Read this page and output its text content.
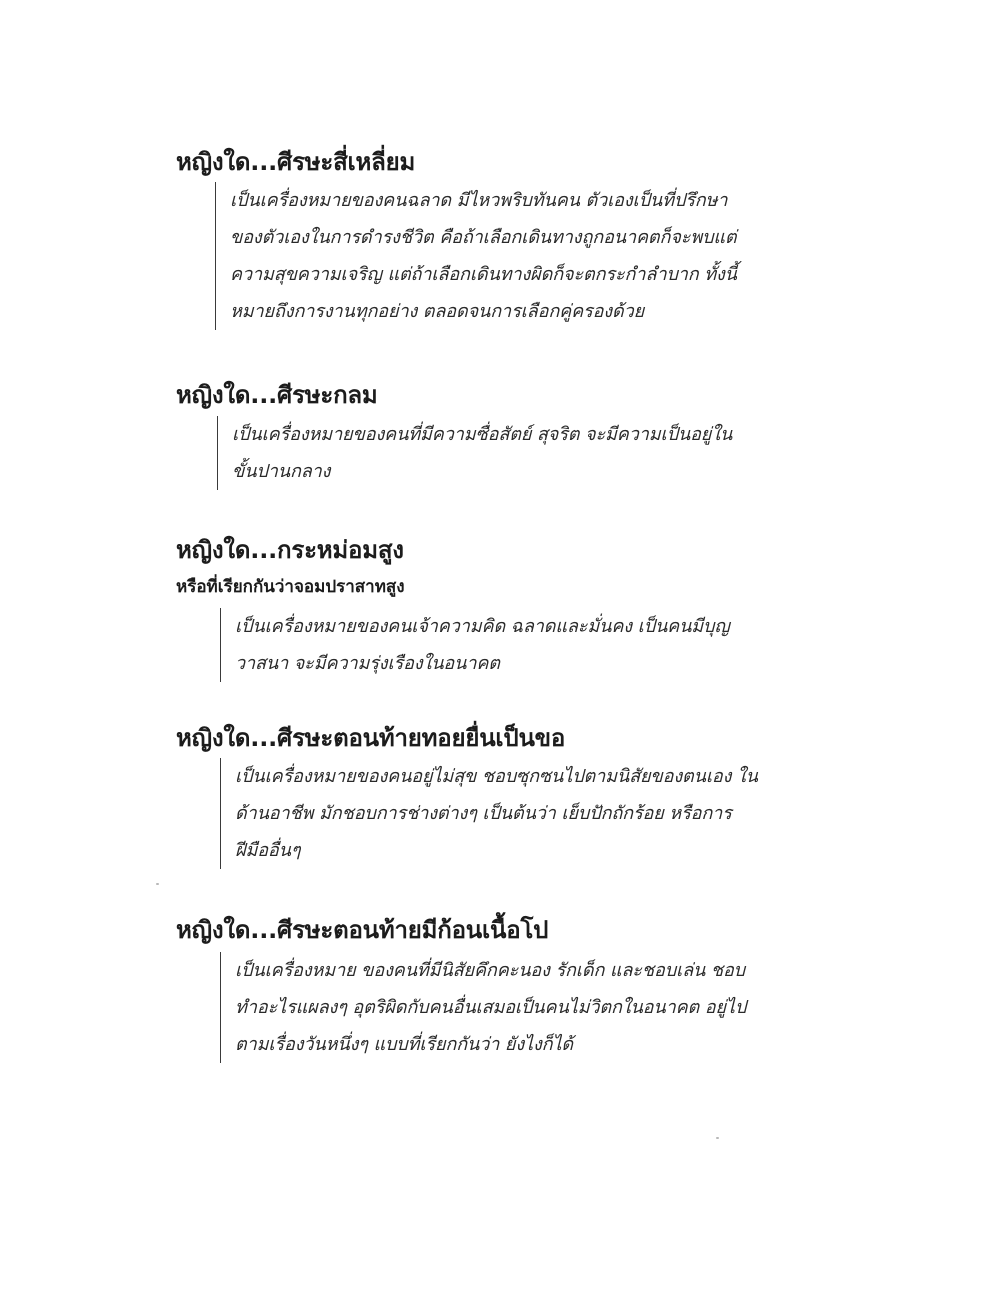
หญิงใด...ศีรษะสี่เหลี่ยม
เป็นเครื่องหมายของคนฉลาด มีไหวพริบทันคน ตัวเองเป็นที่ปรึกษา
ของตัวเองในการดำรงชีวิต คือถ้าเลือกเดินทางถูกอนาคตก็จะพบแต่
ความสุขความเจริญ แต่ถ้าเลือกเดินทางผิดก็จะตกระกำลำบาก ทั้งนี้
หมายถึงการงานทุกอย่าง ตลอดจนการเลือกคู่ครองด้วย
หญิงใด...ศีรษะกลม
เป็นเครื่องหมายของคนที่มีความซื่อสัตย์ สุจริต จะมีความเป็นอยู่ใน
ขั้นปานกลาง
หญิงใด...กระหม่อมสูง
หรือที่เรียกกันว่าจอมปราสาทสูง
เป็นเครื่องหมายของคนเจ้าความคิด ฉลาดและมั่นคง เป็นคนมีบุญ
วาสนา จะมีความรุ่งเรืองในอนาคต
หญิงใด...ศีรษะตอนท้ายทอยยื่นเป็นขอ
เป็นเครื่องหมายของคนอยู่ไม่สุข ชอบซุกซนไปตามนิสัยของตนเอง ใน
ด้านอาชีพ มักชอบการช่างต่างๆ เป็นต้นว่า เย็บปักถักร้อย หรือการ
ฝีมืออื่นๆ
หญิงใด...ศีรษะตอนท้ายมีก้อนเนื้อโป
เป็นเครื่องหมาย ของคนที่มีนิสัยคึกคะนอง รักเด็ก และชอบเล่น ชอบ
ทำอะไรแผลงๆ อุตริผิดกับคนอื่นเสมอเป็นคนไม่วิตกในอนาคต อยู่ไป
ตามเรื่องวันหนึ่งๆ แบบที่เรียกกันว่า ยังไงก็ได้
